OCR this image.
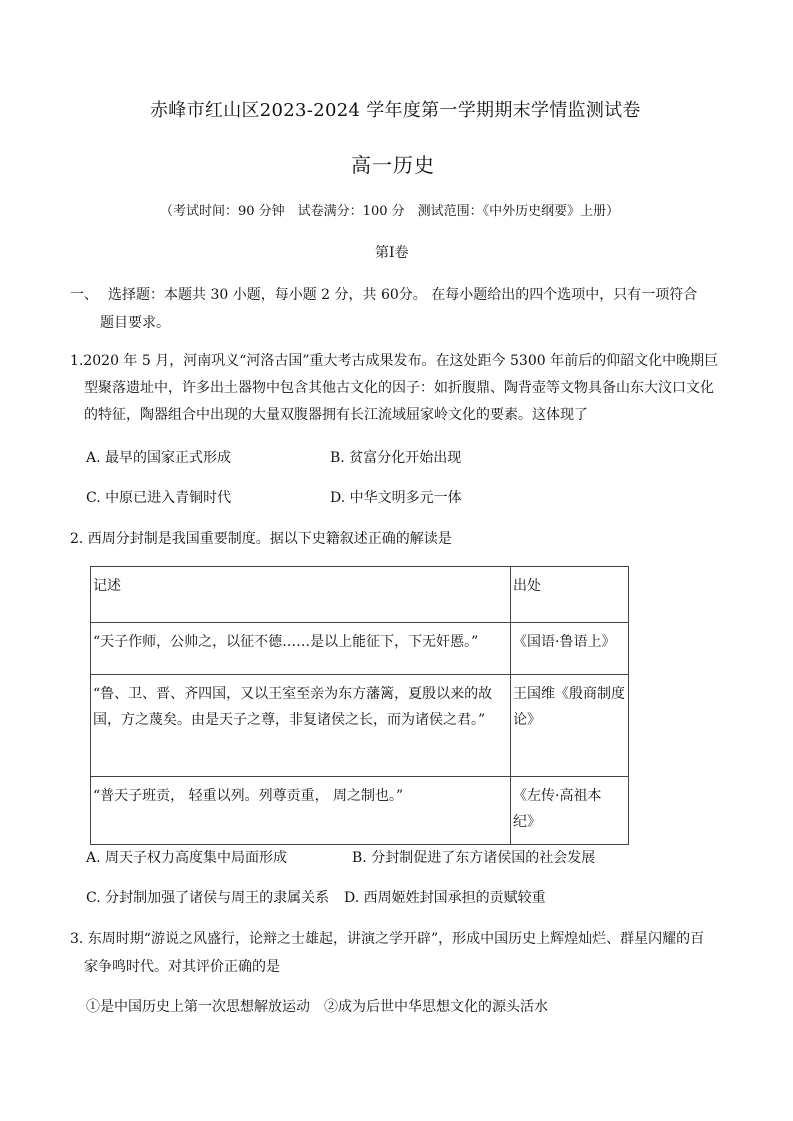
赤峰市红山区2023-2024 学年度第一学期期末学情监测试卷
高一历史
（考试时间：90 分钟　试卷满分：100 分　测试范围：《中外历史纲要》上册）
第Ⅰ卷
一、 选择题：本题共 30 小题，每小题 2 分，共 60分。 在每小题给出的四个选项中，只有一项符合
题目要求。
1.2020 年 5 月，河南巩义“河洛古国”重大考古成果发布。在这处距今 5300 年前后的仰韶文化中晚期巨
型聚落遗址中，许多出土器物中包含其他古文化的因子：如折腹鼎、陶背壶等文物具备山东大汶口文化
的特征，陶器组合中出现的大量双腹器拥有长江流域屈家岭文化的要素。这体现了
A. 最早的国家正式形成	B. 贫富分化开始出现
C. 中原已进入青铜时代	D. 中华文明多元一体
2. 西周分封制是我国重要制度。据以下史籍叙述正确的解读是
记述	出处
“天子作师，公帅之，以征不德……是以上能征下，下无奸慝。”	《国语·鲁语上》
“鲁、卫、晋、齐四国，又以王室至亲为东方藩篱，夏殷以来的故
国，方之蔑矣。由是天子之尊，非复诸侯之长，而为诸侯之君。”	王国维《殷商制度
论》
“普天子班贡， 轻重以列。列尊贡重， 周之制也。”	《左传·高祖本
纪》
A. 周天子权力高度集中局面形成	B. 分封制促进了东方诸侯国的社会发展
C. 分封制加强了诸侯与周王的隶属关系 D. 西周姬姓封国承担的贡赋较重
3. 东周时期“游说之风盛行，论辩之士雄起，讲演之学开辟”，形成中国历史上辉煌灿烂、群星闪耀的百
家争鸣时代。对其评价正确的是
①是中国历史上第一次思想解放运动　②成为后世中华思想文化的源头活水
